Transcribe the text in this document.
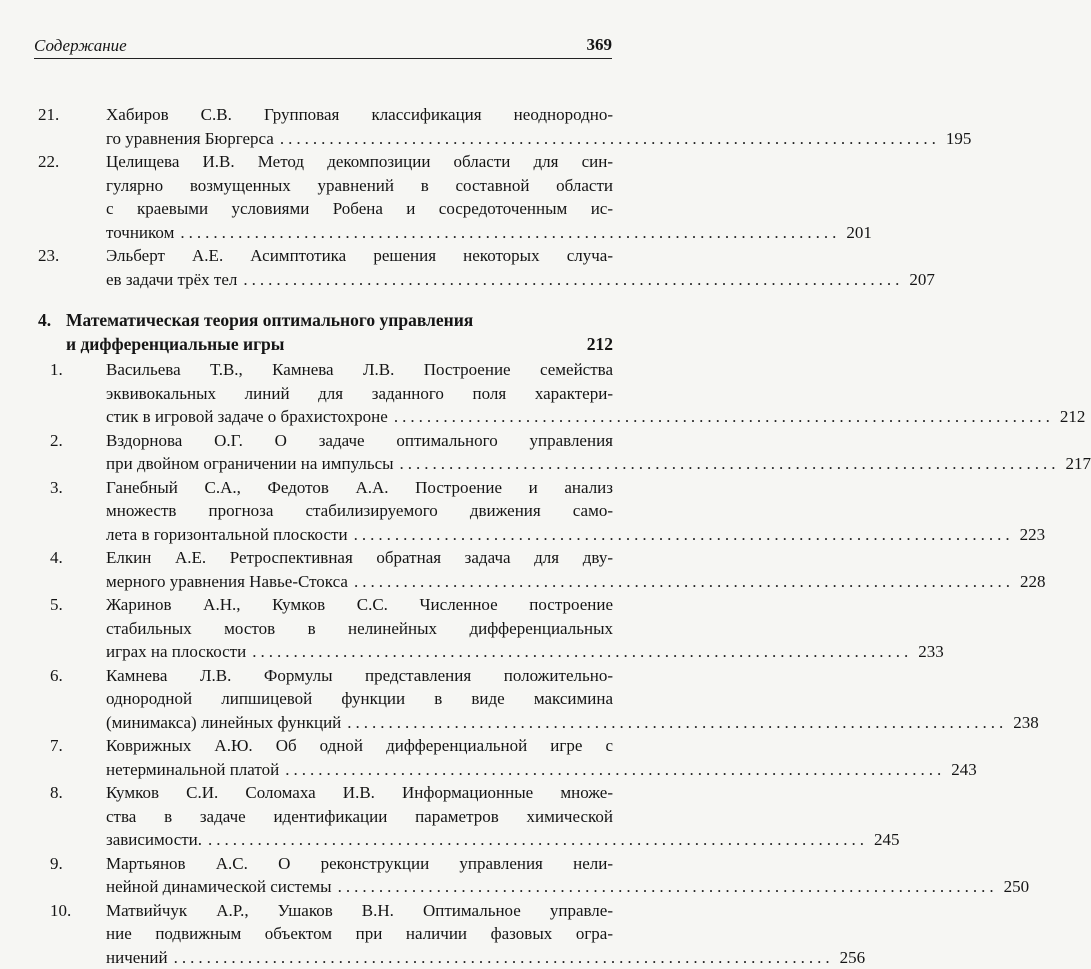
Содержание	369
21.	Хабиров С.В. Групповая классификация неоднородно-
го уравнения Бюргерса ................................................................................ 195
22.	Целищева И.В. Метод декомпозиции области для син-
гулярно возмущенных уравнений в составной области
с краевыми условиями Робена и сосредоточенным ис-
точником ................................................................................ 201
23.	Эльберт А.Е. Асимптотика решения некоторых случа-
ев задачи трёх тел ................................................................................ 207
4. Математическая теория оптимального управления
и дифференциальные игры	212
1.	Васильева Т.В., Камнева Л.В. Построение семейства
эквивокальных линий для заданного поля характери-
стик в игровой задаче о брахистохроне ................................................................................ 212
2.	Вздорнова О.Г. О задаче оптимального управления
при двойном ограничении на импульсы ................................................................................ 217
3.	Ганебный С.А., Федотов А.А. Построение и анализ
множеств прогноза стабилизируемого движения само-
лета в горизонтальной плоскости ................................................................................ 223
4.	Елкин А.Е. Ретроспективная обратная задача для дву-
мерного уравнения Навье-Стокса ................................................................................ 228
5.	Жаринов А.Н., Кумков С.С. Численное построение
стабильных мостов в нелинейных дифференциальных
играх на плоскости ................................................................................ 233
6.	Камнева Л.В. Формулы представления положительно-
однородной липшицевой функции в виде максимина
(минимакса) линейных функций ................................................................................ 238
7.	Коврижных А.Ю. Об одной дифференциальной игре с
нетерминальной платой ................................................................................ 243
8.	Кумков С.И. Соломаха И.В. Информационные множе-
ства в задаче идентификации параметров химической
зависимости. ................................................................................ 245
9.	Мартьянов А.С. О реконструкции управления нели-
нейной динамической системы ................................................................................ 250
10. Матвийчук А.Р., Ушаков В.Н. Оптимальное управле-
ние подвижным объектом при наличии фазовых огра-
ничений ................................................................................ 256
